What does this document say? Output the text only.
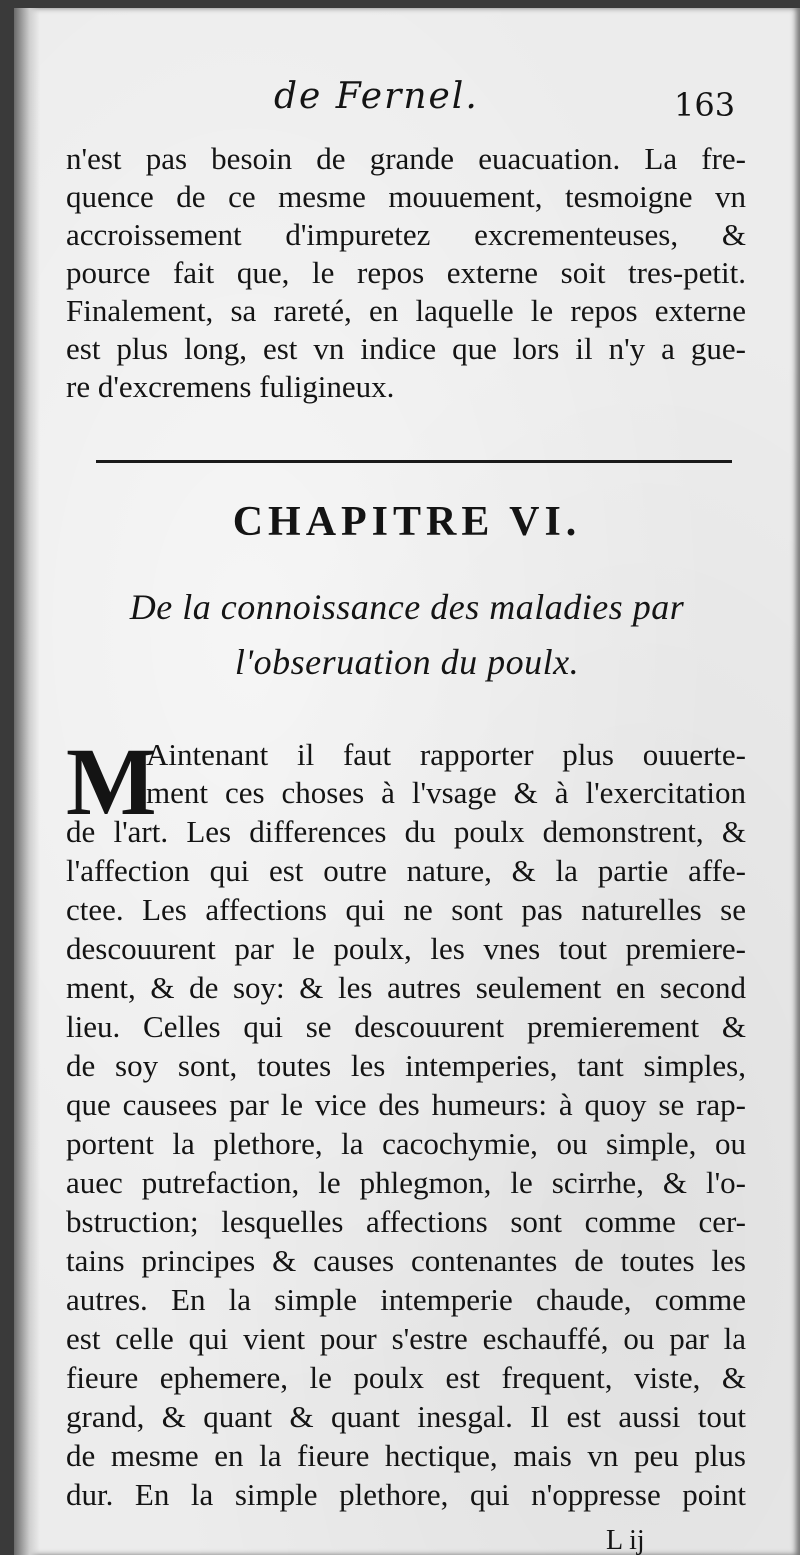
de Fernel.	163
n'est pas besoin de grande euacuation. La fre-
quence de ce mesme mouuement, tesmoigne vn
accroissement d'impuretez excrementeuses, &
pource fait que, le repos externe soit tres-petit.
Finalement, sa rareté, en laquelle le repos externe
est plus long, est vn indice que lors il n'y a gue-
re d'excremens fuligineux.
CHAPITRE VI.
De la connoissance des maladies par
l'obseruation du poulx.
M
Aintenant il faut rapporter plus ouuerte-
ment ces choses à l'vsage & à l'exercitation
de l'art. Les differences du poulx demonstrent, &
l'affection qui est outre nature, & la partie affe-
ctee. Les affections qui ne sont pas naturelles se
descouurent par le poulx, les vnes tout premiere-
ment, & de soy: & les autres seulement en second
lieu. Celles qui se descouurent premierement &
de soy sont, toutes les intemperies, tant simples,
que causees par le vice des humeurs: à quoy se rap-
portent la plethore, la cacochymie, ou simple, ou
auec putrefaction, le phlegmon, le scirrhe, & l'o-
bstruction; lesquelles affections sont comme cer-
tains principes & causes contenantes de toutes les
autres. En la simple intemperie chaude, comme
est celle qui vient pour s'estre eschauffé, ou par la
fieure ephemere, le poulx est frequent, viste, &
grand, & quant & quant inesgal. Il est aussi tout
de mesme en la fieure hectique, mais vn peu plus
dur. En la simple plethore, qui n'oppresse point
L ij
